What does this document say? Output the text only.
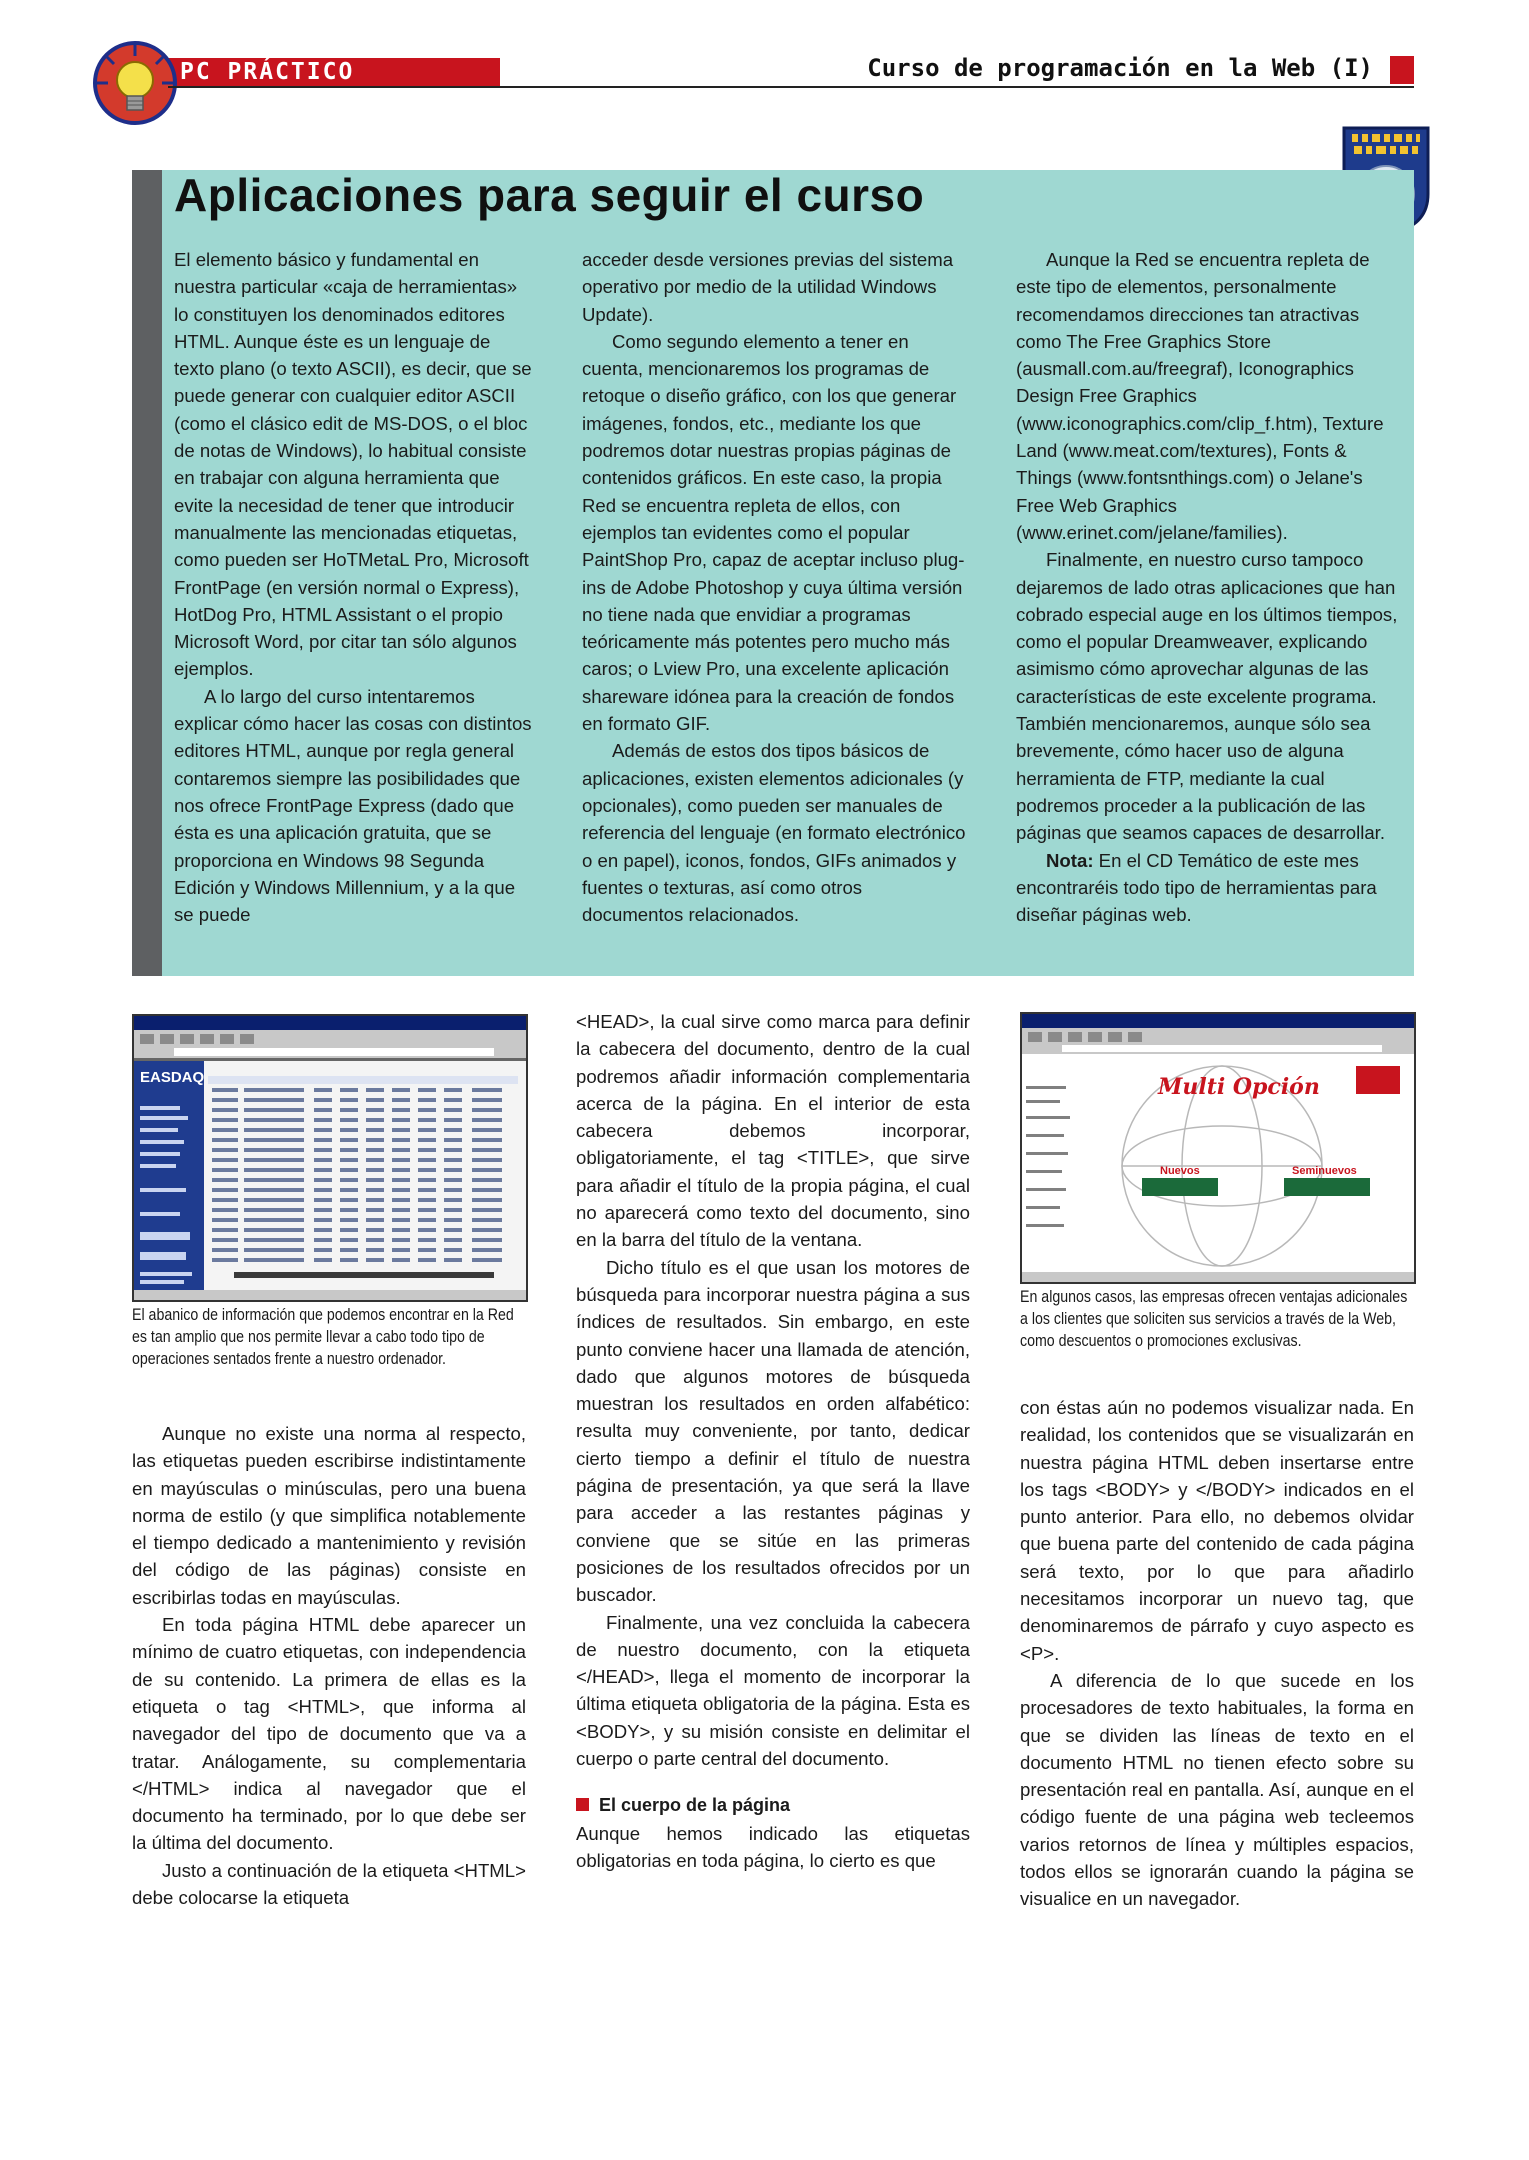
PC PRÁCTICO	Curso de programación en la Web (I)
Aplicaciones para seguir el curso

El elemento básico y fundamental en nuestra particular «caja de herramientas» lo constituyen los denominados editores HTML. Aunque éste es un lenguaje de texto plano (o texto ASCII), es decir, que se puede generar con cualquier editor ASCII (como el clásico edit de MS-DOS, o el bloc de notas de Windows), lo habitual consiste en trabajar con alguna herramienta que evite la necesidad de tener que introducir manualmente las mencionadas etiquetas, como pueden ser HoTMetaL Pro, Microsoft FrontPage (en versión normal o Express), HotDog Pro, HTML Assistant o el propio Microsoft Word, por citar tan sólo algunos ejemplos.

A lo largo del curso intentaremos explicar cómo hacer las cosas con distintos editores HTML, aunque por regla general contaremos siempre las posibilidades que nos ofrece FrontPage Express (dado que ésta es una aplicación gratuita, que se proporciona en Windows 98 Segunda Edición y Windows Millennium, y a la que se puede

acceder desde versiones previas del sistema operativo por medio de la utilidad Windows Update).

Como segundo elemento a tener en cuenta, mencionaremos los programas de retoque o diseño gráfico, con los que generar imágenes, fondos, etc., mediante los que podremos dotar nuestras propias páginas de contenidos gráficos. En este caso, la propia Red se encuentra repleta de ellos, con ejemplos tan evidentes como el popular PaintShop Pro, capaz de aceptar incluso plug-ins de Adobe Photoshop y cuya última versión no tiene nada que envidiar a programas teóricamente más potentes pero mucho más caros; o Lview Pro, una excelente aplicación shareware idónea para la creación de fondos en formato GIF.

Además de estos dos tipos básicos de aplicaciones, existen elementos adicionales (y opcionales), como pueden ser manuales de referencia del lenguaje (en formato electrónico o en papel), iconos, fondos, GIFs animados y fuentes o texturas, así como otros documentos relacionados.

Aunque la Red se encuentra repleta de este tipo de elementos, personalmente recomendamos direcciones tan atractivas como The Free Graphics Store (ausmall.com.au/freegraf), Iconographics Design Free Graphics (www.iconographics.com/clip_f.htm), Texture Land (www.meat.com/textures), Fonts & Things (www.fontsnthings.com) o Jelane's Free Web Graphics (www.erinet.com/jelane/families).

Finalmente, en nuestro curso tampoco dejaremos de lado otras aplicaciones que han cobrado especial auge en los últimos tiempos, como el popular Dreamweaver, explicando asimismo cómo aprovechar algunas de las características de este excelente programa. También mencionaremos, aunque sólo sea brevemente, cómo hacer uso de alguna herramienta de FTP, mediante la cual podremos proceder a la publicación de las páginas que seamos capaces de desarrollar.

Nota: En el CD Temático de este mes encontraréis todo tipo de herramientas para diseñar páginas web.

EASDAQ
El abanico de información que podemos encontrar en la Red es tan amplio que nos permite llevar a cabo todo tipo de operaciones sentados frente a nuestro ordenador.
Multi Opción
Nuevos	Seminuevos
En algunos casos, las empresas ofrecen ventajas adicionales a los clientes que soliciten sus servicios a través de la Web, como descuentos o promociones exclusivas.

Aunque no existe una norma al respecto, las etiquetas pueden escribirse indistintamente en mayúsculas o minúsculas, pero una buena norma de estilo (y que simplifica notablemente el tiempo dedicado a mantenimiento y revisión del código de las páginas) consiste en escribirlas todas en mayúsculas.

En toda página HTML debe aparecer un mínimo de cuatro etiquetas, con independencia de su contenido. La primera de ellas es la etiqueta o tag <HTML>, que informa al navegador del tipo de documento que va a tratar. Análogamente, su complementaria </HTML> indica al navegador que el documento ha terminado, por lo que debe ser la última del documento.

Justo a continuación de la etiqueta <HTML> debe colocarse la etiqueta

<HEAD>, la cual sirve como marca para definir la cabecera del documento, dentro de la cual podremos añadir información complementaria acerca de la página. En el interior de esta cabecera debemos incorporar, obligatoriamente, el tag <TITLE>, que sirve para añadir el título de la propia página, el cual no aparecerá como texto del documento, sino en la barra del título de la ventana.

Dicho título es el que usan los motores de búsqueda para incorporar nuestra página a sus índices de resultados. Sin embargo, en este punto conviene hacer una llamada de atención, dado que algunos motores de búsqueda muestran los resultados en orden alfabético: resulta muy conveniente, por tanto, dedicar cierto tiempo a definir el título de nuestra página de presentación, ya que será la llave para acceder a las restantes páginas y conviene que se sitúe en las primeras posiciones de los resultados ofrecidos por un buscador.

Finalmente, una vez concluida la cabecera de nuestro documento, con la etiqueta </HEAD>, llega el momento de incorporar la última etiqueta obligatoria de la página. Esta es <BODY>, y su misión consiste en delimitar el cuerpo o parte central del documento.

El cuerpo de la página

Aunque hemos indicado las etiquetas obligatorias en toda página, lo cierto es que

con éstas aún no podemos visualizar nada. En realidad, los contenidos que se visualizarán en nuestra página HTML deben insertarse entre los tags <BODY> y </BODY> indicados en el punto anterior. Para ello, no debemos olvidar que buena parte del contenido de cada página será texto, por lo que para añadirlo necesitamos incorporar un nuevo tag, que denominaremos de párrafo y cuyo aspecto es <P>.

A diferencia de lo que sucede en los procesadores de texto habituales, la forma en que se dividen las líneas de texto en el documento HTML no tienen efecto sobre su presentación real en pantalla. Así, aunque en el código fuente de una página web tecleemos varios retornos de línea y múltiples espacios, todos ellos se ignorarán cuando la página se visualice en un navegador.
